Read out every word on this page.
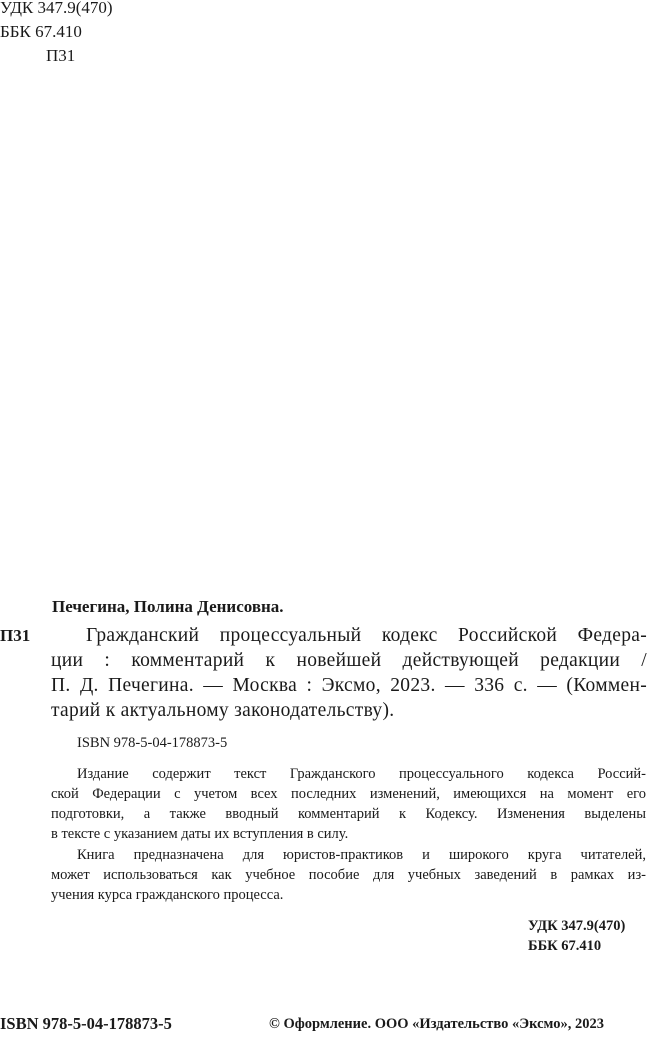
УДК 347.9(470)
ББК 67.410
П31
Печегина, Полина Денисовна.
П31	Гражданский процессуальный кодекс Российской Федера-
ции : комментарий к новейшей действующей редакции /
П. Д. Печегина. — Москва : Эксмо, 2023. — 336 с. — (Коммен-
тарий к актуальному законодательству).
ISBN 978-5-04-178873-5
Издание содержит текст Гражданского процессуального кодекса Россий-
ской Федерации с учетом всех последних изменений, имеющихся на момент его
подготовки, а также вводный комментарий к Кодексу. Изменения выделены
в тексте с указанием даты их вступления в силу.
Книга предназначена для юристов-практиков и широкого круга читателей,
может использоваться как учебное пособие для учебных заведений в рамках из-
учения курса гражданского процесса.
УДК 347.9(470)
ББК 67.410
ISBN 978-5-04-178873-5	© Оформление. ООО «Издательство «Эксмо», 2023
